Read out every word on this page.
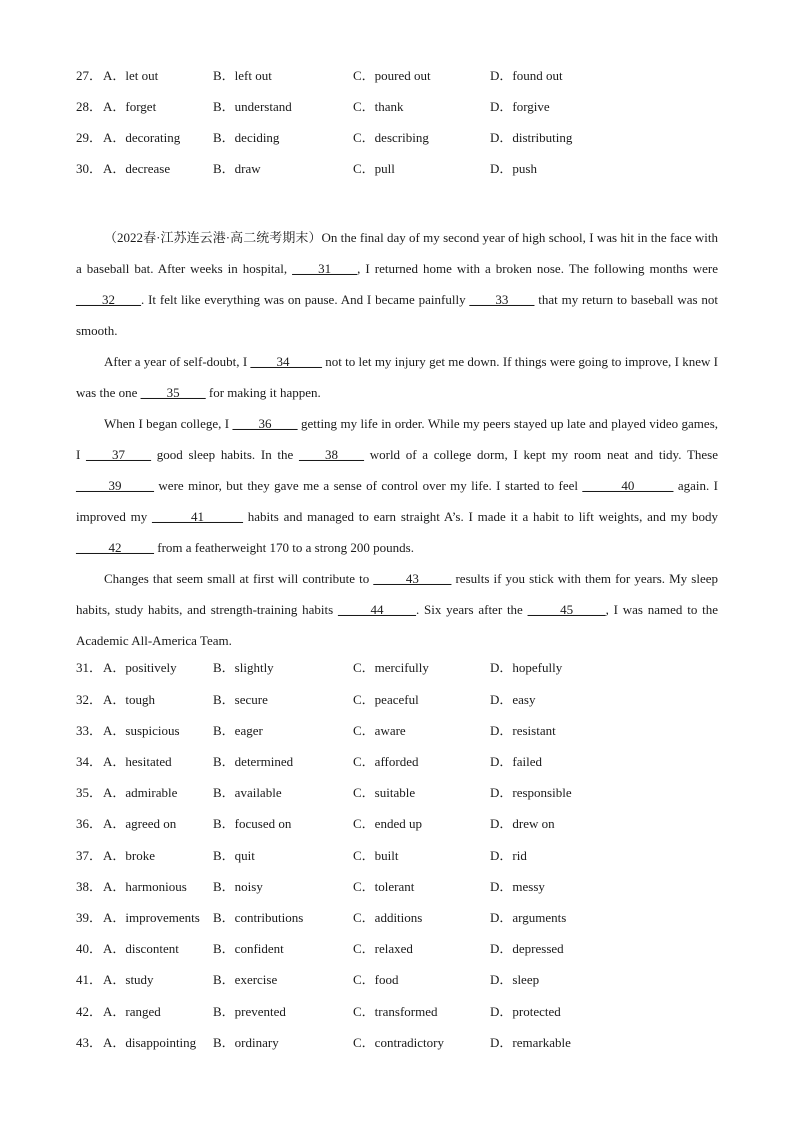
27． A．let out	B．left out	C．poured out	D．found out
28． A．forget	B．understand	C．thank	D．forgive
29． A．decorating	B．deciding	C．describing	D．distributing
30． A．decrease	B．draw	C．pull	D．push

（2022春·江苏连云港·高二统考期末）On the final day of my second year of high school, I was hit in the face with a baseball bat. After weeks in hospital, ____31____, I returned home with a broken nose. The following months were ____32____. It felt like everything was on pause. And I became painfully ____33____ that my return to baseball was not smooth.

After a year of self-doubt, I ____34_____ not to let my injury get me down. If things were going to improve, I knew I was the one ____35____ for making it happen.

When I began college, I ____36____ getting my life in order. While my peers stayed up late and played video games, I ____37____ good sleep habits. In the ____38____ world of a college dorm, I kept my room neat and tidy. These _____39_____ were minor, but they gave me a sense of control over my life. I started to feel ______40______ again. I improved my ______41______ habits and managed to earn straight A’s. I made it a habit to lift weights, and my body _____42_____ from a featherweight 170 to a strong 200 pounds.

Changes that seem small at first will contribute to _____43_____ results if you stick with them for years. My sleep habits, study habits, and strength-training habits _____44_____. Six years after the _____45_____, I was named to the Academic All-America Team.

31． A．positively	B．slightly	C．mercifully	D．hopefully
32． A．tough	B．secure	C．peaceful	D．easy
33． A．suspicious	B．eager	C．aware	D．resistant
34． A．hesitated	B．determined	C．afforded	D．failed
35． A．admirable	B．available	C．suitable	D．responsible
36． A．agreed on	B．focused on	C．ended up	D．drew on
37． A．broke	B．quit	C．built	D．rid
38． A．harmonious B．noisy	C．tolerant	D．messy
39． A．improvements B．contributions	C．additions	D．arguments
40． A．discontent	B．confident	C．relaxed	D．depressed
41． A．study	B．exercise	C．food	D．sleep
42． A．ranged	B．prevented	C．transformed	D．protected
43． A．disappointing B．ordinary	C．contradictory	D．remarkable
